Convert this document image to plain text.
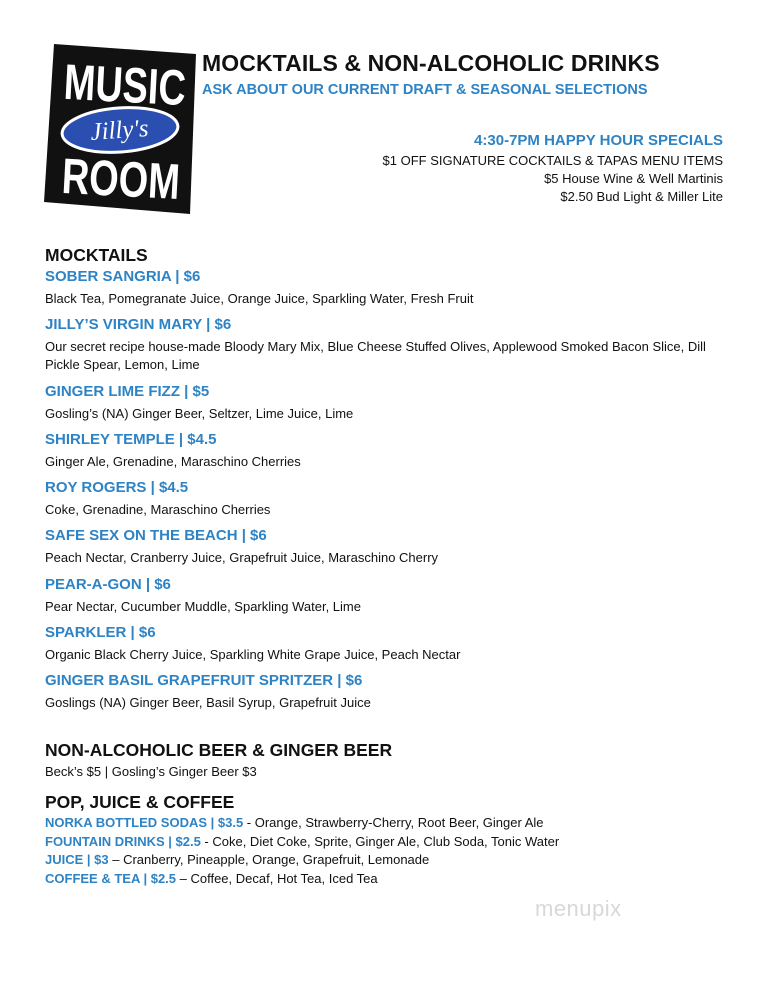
MUSIC
ROOM
Jilly's
MOCKTAILS & NON-ALCOHOLIC DRINKS
ASK ABOUT OUR CURRENT DRAFT & SEASONAL SELECTIONS
4:30-7PM HAPPY HOUR SPECIALS
$1 OFF SIGNATURE COCKTAILS & TAPAS MENU ITEMS
$5 House Wine & Well Martinis
$2.50 Bud Light & Miller Lite
MOCKTAILS
SOBER SANGRIA | $6
Black Tea, Pomegranate Juice, Orange Juice, Sparkling Water, Fresh Fruit
JILLY’S VIRGIN MARY | $6
Our secret recipe house-made Bloody Mary Mix, Blue Cheese Stuffed Olives, Applewood Smoked Bacon Slice, Dill Pickle Spear, Lemon, Lime
GINGER LIME FIZZ | $5
Gosling’s (NA) Ginger Beer, Seltzer, Lime Juice, Lime
SHIRLEY TEMPLE | $4.5
Ginger Ale, Grenadine, Maraschino Cherries
ROY ROGERS | $4.5
Coke, Grenadine, Maraschino Cherries
SAFE SEX ON THE BEACH | $6
Peach Nectar, Cranberry Juice, Grapefruit Juice, Maraschino Cherry
PEAR-A-GON | $6
Pear Nectar, Cucumber Muddle, Sparkling Water, Lime
SPARKLER | $6
Organic Black Cherry Juice, Sparkling White Grape Juice, Peach Nectar
GINGER BASIL GRAPEFRUIT SPRITZER | $6
Goslings (NA) Ginger Beer, Basil Syrup, Grapefruit Juice
NON-ALCOHOLIC BEER & GINGER BEER
Beck’s $5 | Gosling’s Ginger Beer $3
POP, JUICE & COFFEE
NORKA BOTTLED SODAS | $3.5 - Orange, Strawberry-Cherry, Root Beer, Ginger Ale
FOUNTAIN DRINKS | $2.5 - Coke, Diet Coke, Sprite, Ginger Ale, Club Soda, Tonic Water
JUICE | $3 – Cranberry, Pineapple, Orange, Grapefruit, Lemonade
COFFEE & TEA | $2.5 – Coffee, Decaf, Hot Tea, Iced Tea
menupix
